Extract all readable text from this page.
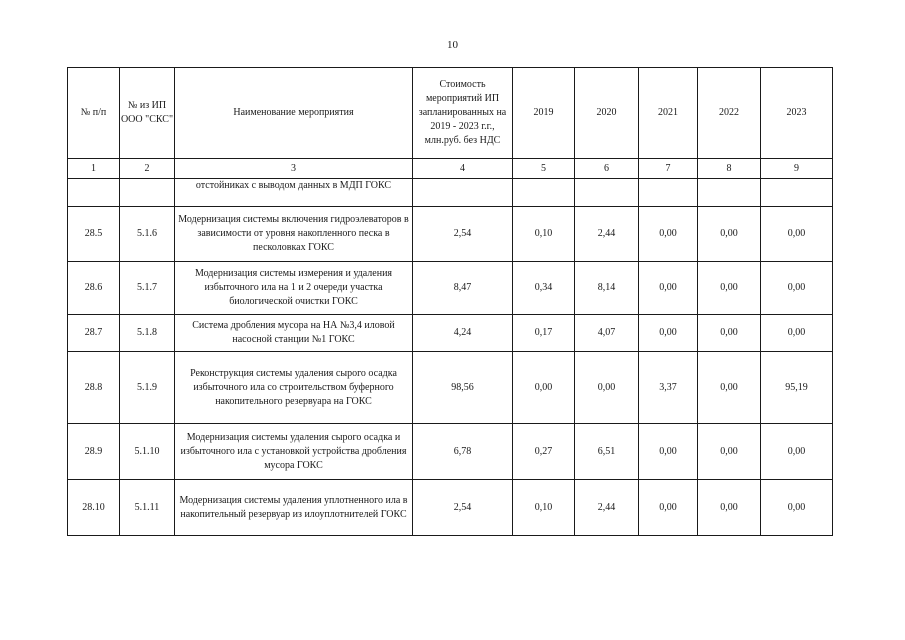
10
№ п/п	№ из ИП ООО "СКС"	Наименование мероприятия	Стоимость мероприятий ИП запланированных на 2019 - 2023 г.г., млн.руб. без НДС	2019	2020	2021	2022	2023
1	2	3	4	5	6	7	8	9
		отстойниках с выводом данных в МДП ГОКС						
28.5	5.1.6	Модернизация системы включения гидроэлеваторов в зависимости от уровня накопленного песка в песколовках ГОКС	2,54	0,10	2,44	0,00	0,00	0,00
28.6	5.1.7	Модернизация системы измерения и удаления избыточного ила на 1 и 2 очереди участка биологической очистки ГОКС	8,47	0,34	8,14	0,00	0,00	0,00
28.7	5.1.8	Система дробления мусора на НА №3,4 иловой насосной станции №1 ГОКС	4,24	0,17	4,07	0,00	0,00	0,00
28.8	5.1.9	Реконструкция системы удаления сырого осадка избыточного ила со строительством буферного накопительного резервуара на ГОКС	98,56	0,00	0,00	3,37	0,00	95,19
28.9	5.1.10	Модернизация системы удаления сырого осадка и избыточного ила с установкой устройства дробления мусора ГОКС	6,78	0,27	6,51	0,00	0,00	0,00
28.10	5.1.11	Модернизация системы удаления уплотненного ила в накопительный резервуар из илоуплотнителей ГОКС	2,54	0,10	2,44	0,00	0,00	0,00
